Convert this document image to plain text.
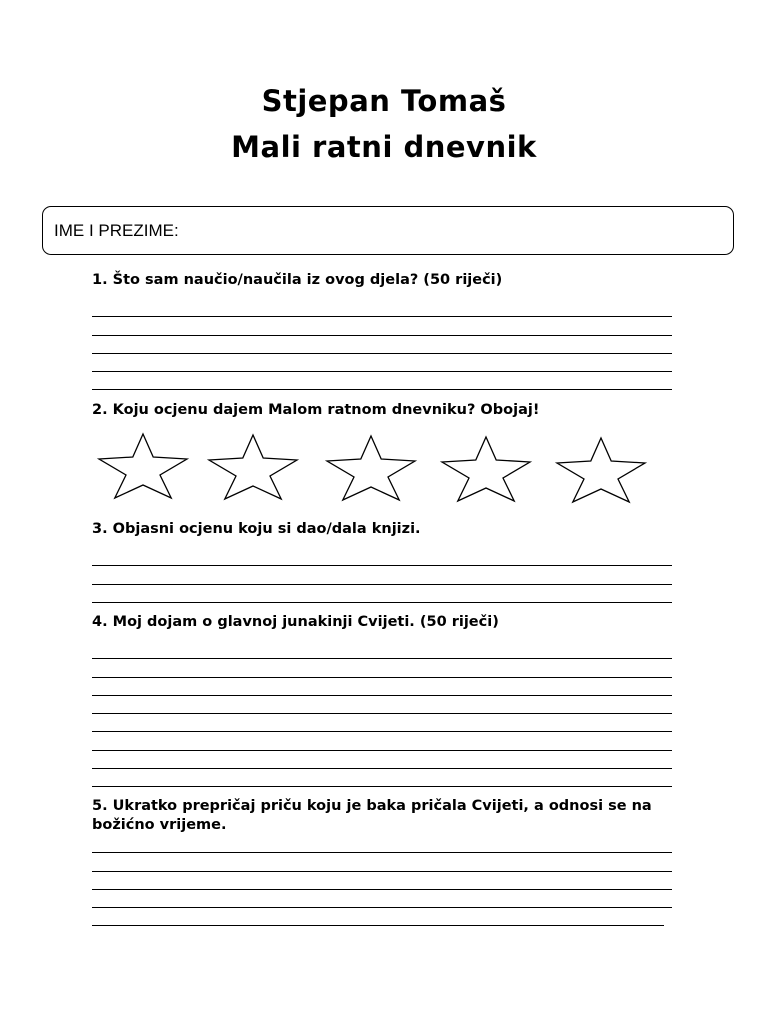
Stjepan Tomaš
Mali ratni dnevnik
IME I PREZIME:
1. Što sam naučio/naučila iz ovog djela? (50 riječi)
2. Koju ocjenu dajem Malom ratnom dnevniku? Obojaj!
3. Objasni ocjenu koju si dao/dala knjizi.
4. Moj dojam o glavnoj junakinji Cvijeti. (50 riječi)
5. Ukratko prepričaj priču koju je baka pričala Cvijeti, a odnosi se na božićno vrijeme.
